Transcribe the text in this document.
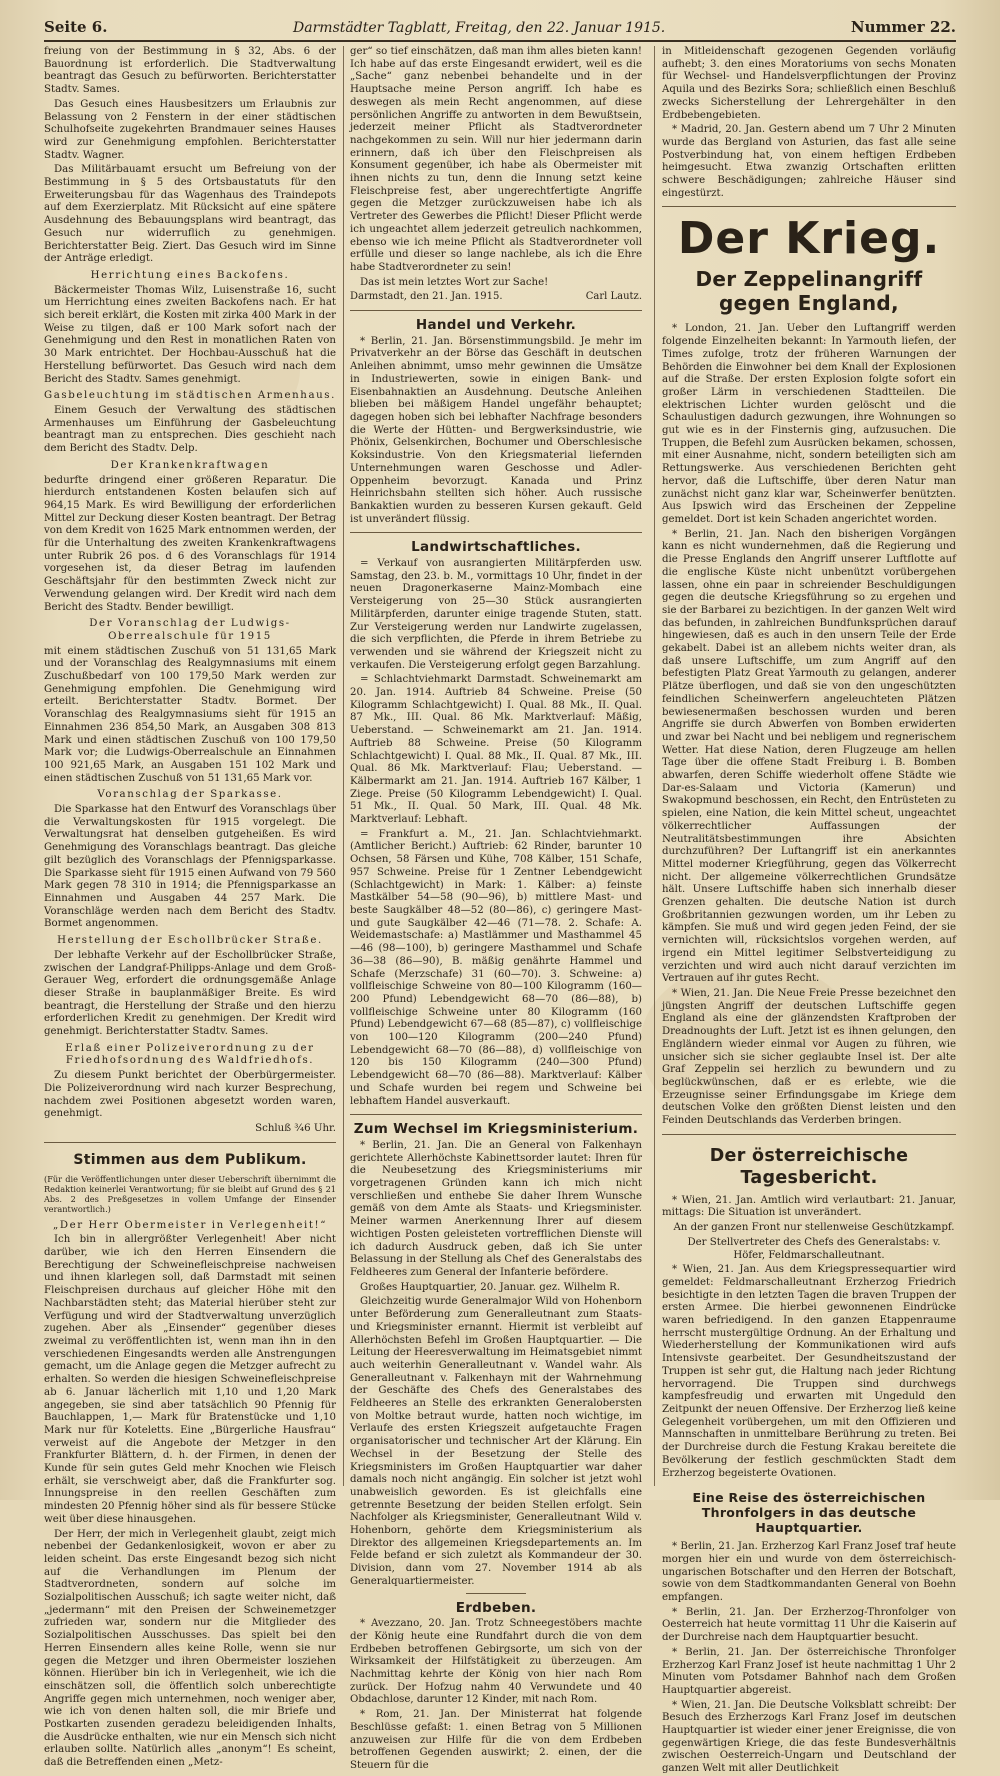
Seite 6.	Darmstädter Tagblatt, Freitag, den 22. Januar 1915.	Nummer 22.

freiung von der Bestimmung in § 32, Abs. 6 der Bauordnung ist erforderlich. Die Stadtverwaltung beantragt das Gesuch zu befürworten. Berichterstatter Stadtv. Sames.

Das Gesuch eines Hausbesitzers um Erlaubnis zur Belassung von 2 Fenstern in der einer städtischen Schulhofseite zugekehrten Brandmauer seines Hauses wird zur Genehmigung empfohlen. Berichterstatter Stadtv. Wagner.

Das Militärbauamt ersucht um Befreiung von der Bestimmung in § 5 des Ortsbaustatuts für den Erweiterungsbau für das Wagenhaus des Traindepots auf dem Exerzierplatz. Mit Rücksicht auf eine spätere Ausdehnung des Bebauungsplans wird beantragt, das Gesuch nur widerruflich zu genehmigen. Berichterstatter Beig. Ziert. Das Gesuch wird im Sinne der Anträge erledigt.

Herrichtung eines Backofens.

Bäckermeister Thomas Wilz, Luisenstraße 16, sucht um Herrichtung eines zweiten Backofens nach. Er hat sich bereit erklärt, die Kosten mit zirka 400 Mark in der Weise zu tilgen, daß er 100 Mark sofort nach der Genehmigung und den Rest in monatlichen Raten von 30 Mark entrichtet. Der Hochbau-Ausschuß hat die Herstellung befürwortet. Das Gesuch wird nach dem Bericht des Stadtv. Sames genehmigt.

Gasbeleuchtung im städtischen Armenhaus.

Einem Gesuch der Verwaltung des städtischen Armenhauses um Einführung der Gasbeleuchtung beantragt man zu entsprechen. Dies geschieht nach dem Bericht des Stadtv. Delp.

Der Krankenkraftwagen

bedurfte dringend einer größeren Reparatur. Die hierdurch entstandenen Kosten belaufen sich auf 964,15 Mark. Es wird Bewilligung der erforderlichen Mittel zur Deckung dieser Kosten beantragt. Der Betrag von dem Kredit von 1625 Mark entnommen werden, der für die Unterhaltung des zweiten Krankenkraftwagens unter Rubrik 26 pos. d 6 des Voranschlags für 1914 vorgesehen ist, da dieser Betrag im laufenden Geschäftsjahr für den bestimmten Zweck nicht zur Verwendung gelangen wird. Der Kredit wird nach dem Bericht des Stadtv. Bender bewilligt.

Der Voranschlag der Ludwigs-Oberrealschule für 1915

mit einem städtischen Zuschuß von 51 131,65 Mark und der Voranschlag des Realgymnasiums mit einem Zuschußbedarf von 100 179,50 Mark werden zur Genehmigung empfohlen. Die Genehmigung wird erteilt. Berichterstatter Stadtv. Bormet. Der Voranschlag des Realgymnasiums sieht für 1915 an Einnahmen 236 854,50 Mark, an Ausgaben 308 813 Mark und einen städtischen Zuschuß von 100 179,50 Mark vor; die Ludwigs-Oberrealschule an Einnahmen 100 921,65 Mark, an Ausgaben 151 102 Mark und einen städtischen Zuschuß von 51 131,65 Mark vor.

Voranschlag der Sparkasse.

Die Sparkasse hat den Entwurf des Voranschlags über die Verwaltungskosten für 1915 vorgelegt. Die Verwaltungsrat hat denselben gutgeheißen. Es wird Genehmigung des Voranschlags beantragt. Das gleiche gilt bezüglich des Voranschlags der Pfennigsparkasse. Die Sparkasse sieht für 1915 einen Aufwand von 79 560 Mark gegen 78 310 in 1914; die Pfennigsparkasse an Einnahmen und Ausgaben 44 257 Mark. Die Voranschläge werden nach dem Bericht des Stadtv. Bormet angenommen.

Herstellung der Eschollbrücker Straße.

Der lebhafte Verkehr auf der Eschollbrücker Straße, zwischen der Landgraf-Philipps-Anlage und dem Groß-Gerauer Weg, erfordert die ordnungsgemäße Anlage dieser Straße in bauplanmäßiger Breite. Es wird beantragt, die Herstellung der Straße und den hierzu erforderlichen Kredit zu genehmigen. Der Kredit wird genehmigt. Berichterstatter Stadtv. Sames.

Erlaß einer Polizeiverordnung zu der Friedhofsordnung des Waldfriedhofs.

Zu diesem Punkt berichtet der Oberbürgermeister. Die Polizeiverordnung wird nach kurzer Besprechung, nachdem zwei Positionen abgesetzt worden waren, genehmigt.

Schluß ³⁄₄6 Uhr.

Stimmen aus dem Publikum.

(Für die Veröffentlichungen unter dieser Ueberschrift übernimmt die Redaktion keinerlei Verantwortung; für sie bleibt auf Grund des § 21 Abs. 2 des Preßgesetzes in vollem Umfange der Einsender verantwortlich.)

„Der Herr Obermeister in Verlegenheit!“

Ich bin in allergrößter Verlegenheit! Aber nicht darüber, wie ich den Herren Einsendern die Berechtigung der Schweinefleischpreise nachweisen und ihnen klarlegen soll, daß Darmstadt mit seinen Fleischpreisen durchaus auf gleicher Höhe mit den Nachbarstädten steht; das Material hierüber steht zur Verfügung und wird der Stadtverwaltung unverzüglich zugehen. Aber als „Einsender“ gegenüber dieses zweimal zu veröffentlichten ist, wenn man ihn in den verschiedenen Eingesandts werden alle Anstrengungen gemacht, um die Anlage gegen die Metzger aufrecht zu erhalten. So werden die hiesigen Schweinefleischpreise ab 6. Januar lächerlich mit 1,10 und 1,20 Mark angegeben, sie sind aber tatsächlich 90 Pfennig für Bauchlappen, 1,— Mark für Bratenstücke und 1,10 Mark nur für Koteletts. Eine „Bürgerliche Hausfrau“ verweist auf die Angebote der Metzger in den Frankfurter Blättern, d. h. der Firmen, in denen der Kunde für sein gutes Geld mehr Knochen wie Fleisch erhält, sie verschweigt aber, daß die Frankfurter sog. Innungspreise in den reellen Geschäften zum mindesten 20 Pfennig höher sind als für bessere Stücke weit über diese hinausgehen.

Der Herr, der mich in Verlegenheit glaubt, zeigt mich nebenbei der Gedankenlosigkeit, wovon er aber zu leiden scheint. Das erste Eingesandt bezog sich nicht auf die Verhandlungen im Plenum der Stadtverordneten, sondern auf solche im Sozialpolitischen Ausschuß; ich sagte weiter nicht, daß „jedermann“ mit den Preisen der Schweinemetzger zufrieden war, sondern nur die Mitglieder des Sozialpolitischen Ausschusses. Das spielt bei den Herren Einsendern alles keine Rolle, wenn sie nur gegen die Metzger und ihren Obermeister losziehen können. Hierüber bin ich in Verlegenheit, wie ich die einschätzen soll, die öffentlich solch unberechtigte Angriffe gegen mich unternehmen, noch weniger aber, wie ich von denen halten soll, die mir Briefe und Postkarten zusenden geradezu beleidigenden Inhalts, die Ausdrücke enthalten, wie nur ein Mensch sich nicht erlauben sollte. Natürlich alles „anonym“! Es scheint, daß die Betreffenden einen „Metz-

ger“ so tief einschätzen, daß man ihm alles bieten kann! Ich habe auf das erste Eingesandt erwidert, weil es die „Sache“ ganz nebenbei behandelte und in der Hauptsache meine Person angriff. Ich habe es deswegen als mein Recht angenommen, auf diese persönlichen Angriffe zu antworten in dem Bewußtsein, jederzeit meiner Pflicht als Stadtverordneter nachgekommen zu sein. Will nur hier jedermann darin erinnern, daß ich über den Fleischpreisen als Konsument gegenüber, ich habe als Obermeister mit ihnen nichts zu tun, denn die Innung setzt keine Fleischpreise fest, aber ungerechtfertigte Angriffe gegen die Metzger zurückzuweisen habe ich als Vertreter des Gewerbes die Pflicht! Dieser Pflicht werde ich ungeachtet allem jederzeit getreulich nachkommen, ebenso wie ich meine Pflicht als Stadtverordneter voll erfülle und dieser so lange nachlebe, als ich die Ehre habe Stadtverordneter zu sein!

Das ist mein letztes Wort zur Sache!

Darmstadt, den 21. Jan. 1915.	Carl Lautz.
Handel und Verkehr.

* Berlin, 21. Jan. Börsenstimmungsbild. Je mehr im Privatverkehr an der Börse das Geschäft in deutschen Anleihen abnimmt, umso mehr gewinnen die Umsätze in Industriewerten, sowie in einigen Bank- und Eisenbahnaktien an Ausdehnung. Deutsche Anleihen blieben bei mäßigem Handel ungefähr behauptet; dagegen hoben sich bei lebhafter Nachfrage besonders die Werte der Hütten- und Bergwerksindustrie, wie Phönix, Gelsenkirchen, Bochumer und Oberschlesische Koksindustrie. Von den Kriegsmaterial liefernden Unternehmungen waren Geschosse und Adler-Oppenheim bevorzugt. Kanada und Prinz Heinrichsbahn stellten sich höher. Auch russische Bankaktien wurden zu besseren Kursen gekauft. Geld ist unverändert flüssig.

Landwirtschaftliches.

= Verkauf von ausrangierten Militärpferden usw. Samstag, den 23. b. M., vormittags 10 Uhr, findet in der neuen Dragonerkaserne Mainz-Mombach eine Versteigerung von 25—30 Stück ausrangierten Militärpferden, darunter einige tragende Stuten, statt. Zur Versteigerung werden nur Landwirte zugelassen, die sich verpflichten, die Pferde in ihrem Betriebe zu verwenden und sie während der Kriegszeit nicht zu verkaufen. Die Versteigerung erfolgt gegen Barzahlung.

= Schlachtviehmarkt Darmstadt. Schweinemarkt am 20. Jan. 1914. Auftrieb 84 Schweine. Preise (50 Kilogramm Schlachtgewicht) I. Qual. 88 Mk., II. Qual. 87 Mk., III. Qual. 86 Mk. Marktverlauf: Mäßig, Ueberstand. — Schweinemarkt am 21. Jan. 1914. Auftrieb 88 Schweine. Preise (50 Kilogramm Schlachtgewicht) I. Qual. 88 Mk., II. Qual. 87 Mk., III. Qual. 86 Mk. Marktverlauf: Flau; Ueberstand. — Kälbermarkt am 21. Jan. 1914. Auftrieb 167 Kälber, 1 Ziege. Preise (50 Kilogramm Lebendgewicht) I. Qual. 51 Mk., II. Qual. 50 Mark, III. Qual. 48 Mk. Marktverlauf: Lebhaft.

= Frankfurt a. M., 21. Jan. Schlachtviehmarkt. (Amtlicher Bericht.) Auftrieb: 62 Rinder, barunter 10 Ochsen, 58 Färsen und Kühe, 708 Kälber, 151 Schafe, 957 Schweine. Preise für 1 Zentner Lebendgewicht (Schlachtgewicht) in Mark: 1. Kälber: a) feinste Mastkälber 54—58 (90—96), b) mittlere Mast- und beste Saugkälber 48—52 (80—86), c) geringere Mast- und gute Saugkälber 42—46 (71—78. 2. Schafe: A. Weidemastschafe: a) Mastlämmer und Masthammel 45—46 (98—100), b) geringere Masthammel und Schafe 36—38 (86—90), B. mäßig genährte Hammel und Schafe (Merzschafe) 31 (60—70). 3. Schweine: a) vollfleischige Schweine von 80—100 Kilogramm (160—200 Pfund) Lebendgewicht 68—70 (86—88), b) vollfleischige Schweine unter 80 Kilogramm (160 Pfund) Lebendgewicht 67—68 (85—87), c) vollfleischige von 100—120 Kilogramm (200—240 Pfund) Lebendgewicht 68—70 (86—88), d) vollfleischige von 120 bis 150 Kilogramm (240—300 Pfund) Lebendgewicht 68—70 (86—88). Marktverlauf: Kälber und Schafe wurden bei regem und Schweine bei lebhaftem Handel ausverkauft.

Zum Wechsel im Kriegsministerium.

* Berlin, 21. Jan. Die an General von Falkenhayn gerichtete Allerhöchste Kabinettsorder lautet: Ihren für die Neubesetzung des Kriegsministeriums mir vorgetragenen Gründen kann ich mich nicht verschließen und enthebe Sie daher Ihrem Wunsche gemäß von dem Amte als Staats- und Kriegsminister. Meiner warmen Anerkennung Ihrer auf diesem wichtigen Posten geleisteten vortrefflichen Dienste will ich dadurch Ausdruck geben, daß ich Sie unter Belassung in der Stellung als Chef des Generalstabs des Feldheeres zum General der Infanterie befördere.

Großes Hauptquartier, 20. Januar. gez. Wilhelm R.

Gleichzeitig wurde Generalmajor Wild von Hohenborn unter Beförderung zum Generalleutnant zum Staats- und Kriegsminister ernannt. Hiermit ist verbleibt auf Allerhöchsten Befehl im Großen Hauptquartier. — Die Leitung der Heeresverwaltung im Heimatsgebiet nimmt auch weiterhin Generalleutnant v. Wandel wahr. Als Generalleutnant v. Falkenhayn mit der Wahrnehmung der Geschäfte des Chefs des Generalstabes des Feldheeres an Stelle des erkrankten Generalobersten von Moltke betraut wurde, hatten noch wichtige, im Verlaufe des ersten Kriegszeit aufgetauchte Fragen organisatorischer und technischer Art der Klärung. Ein Wechsel in der Besetzung der Stelle des Kriegsministers im Großen Hauptquartier war daher damals noch nicht angängig. Ein solcher ist jetzt wohl unabweislich geworden. Es ist gleichfalls eine getrennte Besetzung der beiden Stellen erfolgt. Sein Nachfolger als Kriegsminister, Generalleutnant Wild v. Hohenborn, gehörte dem Kriegsministerium als Direktor des allgemeinen Kriegsdepartements an. Im Felde befand er sich zuletzt als Kommandeur der 30. Division, dann vom 27. November 1914 ab als Generalquartiermeister.

Erdbeben.

* Avezzano, 20. Jan. Trotz Schneegestöbers machte der König heute eine Rundfahrt durch die von dem Erdbeben betroffenen Gebirgsorte, um sich von der Wirksamkeit der Hilfstätigkeit zu überzeugen. Am Nachmittag kehrte der König von hier nach Rom zurück. Der Hofzug nahm 40 Verwundete und 40 Obdachlose, darunter 12 Kinder, mit nach Rom.

* Rom, 21. Jan. Der Ministerrat hat folgende Beschlüsse gefaßt: 1. einen Betrag von 5 Millionen anzuweisen zur Hilfe für die von dem Erdbeben betroffenen Gegenden auswirkt; 2. einen, der die Steuern für die

in Mitleidenschaft gezogenen Gegenden vorläufig aufhebt; 3. den eines Moratoriums von sechs Monaten für Wechsel- und Handelsverpflichtungen der Provinz Aquila und des Bezirks Sora; schließlich einen Beschluß zwecks Sicherstellung der Lehrergehälter in den Erdbebengebieten.

* Madrid, 20. Jan. Gestern abend um 7 Uhr 2 Minuten wurde das Bergland von Asturien, das fast alle seine Postverbindung hat, von einem heftigen Erdbeben heimgesucht. Etwa zwanzig Ortschaften erlitten schwere Beschädigungen; zahlreiche Häuser sind eingestürzt.

Der Krieg.
Der Zeppelinangriff gegen England,

* London, 21. Jan. Ueber den Luftangriff werden folgende Einzelheiten bekannt: In Yarmouth liefen, der Times zufolge, trotz der früheren Warnungen der Behörden die Einwohner bei dem Knall der Explosionen auf die Straße. Der ersten Explosion folgte sofort ein großer Lärm in verschiedenen Stadtteilen. Die elektrischen Lichter wurden gelöscht und die Schaulustigen dadurch gezwungen, ihre Wohnungen so gut wie es in der Finsternis ging, aufzusuchen. Die Truppen, die Befehl zum Ausrücken bekamen, schossen, mit einer Ausnahme, nicht, sondern beteiligten sich am Rettungswerke. Aus verschiedenen Berichten geht hervor, daß die Luftschiffe, über deren Natur man zunächst nicht ganz klar war, Scheinwerfer benützten. Aus Ipswich wird das Erscheinen der Zeppeline gemeldet. Dort ist kein Schaden angerichtet worden.

* Berlin, 21. Jan. Nach den bisherigen Vorgängen kann es nicht wundernehmen, daß die Regierung und die Presse Englands den Angriff unserer Luftflotte auf die englische Küste nicht unbenützt vorübergehen lassen, ohne ein paar in schreiender Beschuldigungen gegen die deutsche Kriegsführung so zu ergehen und sie der Barbarei zu bezichtigen. In der ganzen Welt wird das befunden, in zahlreichen Bundfunksprüchen darauf hingewiesen, daß es auch in den unsern Teile der Erde gekabelt. Dabei ist an allebem nichts weiter dran, als daß unsere Luftschiffe, um zum Angriff auf den befestigten Platz Great Yarmouth zu gelangen, anderer Plätze überflogen, und daß sie von den ungeschützten feindlichen Scheinwerfern angeleuchteten Plätzen bewiesenermaßen beschossen wurden und beren Angriffe sie durch Abwerfen von Bomben erwiderten und zwar bei Nacht und bei nebligem und regnerischem Wetter. Hat diese Nation, deren Flugzeuge am hellen Tage über die offene Stadt Freiburg i. B. Bomben abwarfen, deren Schiffe wiederholt offene Städte wie Dar-es-Salaam und Victoria (Kamerun) und Swakopmund beschossen, ein Recht, den Entrüsteten zu spielen, eine Nation, die kein Mittel scheut, ungeachtet völkerrechtlicher Auffassungen der Neutralitätsbestimmungen ihre Absichten durchzuführen? Der Luftangriff ist ein anerkanntes Mittel moderner Kriegführung, gegen das Völkerrecht nicht. Der allgemeine völkerrechtlichen Grundsätze hält. Unsere Luftschiffe haben sich innerhalb dieser Grenzen gehalten. Die deutsche Nation ist durch Großbritannien gezwungen worden, um ihr Leben zu kämpfen. Sie muß und wird gegen jeden Feind, der sie vernichten will, rücksichtslos vorgehen werden, auf irgend ein Mittel legitimer Selbstverteidigung zu verzichten und wird auch nicht darauf verzichten im Vertrauen auf ihr gutes Recht.

* Wien, 21. Jan. Die Neue Freie Presse bezeichnet den jüngsten Angriff der deutschen Luftschiffe gegen England als eine der glänzendsten Kraftproben der Dreadnoughts der Luft. Jetzt ist es ihnen gelungen, den Engländern wieder einmal vor Augen zu führen, wie unsicher sich sie sicher geglaubte Insel ist. Der alte Graf Zeppelin sei herzlich zu bewundern und zu beglückwünschen, daß er es erlebte, wie die Erzeugnisse seiner Erfindungsgabe im Kriege dem deutschen Volke den größten Dienst leisten und den Feinden Deutschlands das Verderben bringen.

Der österreichische Tagesbericht.

* Wien, 21. Jan. Amtlich wird verlautbart: 21. Januar, mittags: Die Situation ist unverändert.

An der ganzen Front nur stellenweise Geschützkampf.

Der Stellvertreter des Chefs des Generalstabs: v. Höfer, Feldmarschalleutnant.

* Wien, 21. Jan. Aus dem Kriegspressequartier wird gemeldet: Feldmarschalleutnant Erzherzog Friedrich besichtigte in den letzten Tagen die braven Truppen der ersten Armee. Die hierbei gewonnenen Eindrücke waren befriedigend. In den ganzen Etappenraume herrscht mustergültige Ordnung. An der Erhaltung und Wiederherstellung der Kommunikationen wird aufs Intensivste gearbeitet. Der Gesundheitszustand der Truppen ist sehr gut, die Haltung nach jeder Richtung hervorragend. Die Truppen sind durchwegs kampfesfreudig und erwarten mit Ungeduld den Zeitpunkt der neuen Offensive. Der Erzherzog ließ keine Gelegenheit vorübergehen, um mit den Offizieren und Mannschaften in unmittelbare Berührung zu treten. Bei der Durchreise durch die Festung Krakau bereitete die Bevölkerung der festlich geschmückten Stadt dem Erzherzog begeisterte Ovationen.

Eine Reise des österreichischen Thronfolgers in das deutsche Hauptquartier.

* Berlin, 21. Jan. Erzherzog Karl Franz Josef traf heute morgen hier ein und wurde von dem österreichisch-ungarischen Botschafter und den Herren der Botschaft, sowie von dem Stadtkommandanten General von Boehn empfangen.

* Berlin, 21. Jan. Der Erzherzog-Thronfolger von Oesterreich hat heute vormittag 11 Uhr die Kaiserin auf der Durchreise nach dem Hauptquartier besucht.

* Berlin, 21. Jan. Der österreichische Thronfolger Erzherzog Karl Franz Josef ist heute nachmittag 1 Uhr 2 Minuten vom Potsdamer Bahnhof nach dem Großen Hauptquartier abgereist.

* Wien, 21. Jan. Die Deutsche Volksblatt schreibt: Der Besuch des Erzherzogs Karl Franz Josef im deutschen Hauptquartier ist wieder einer jener Ereignisse, die von gegenwärtigen Kriege, die das feste Bundesverhältnis zwischen Oesterreich-Ungarn und Deutschland der ganzen Welt mit aller Deutlichkeit
